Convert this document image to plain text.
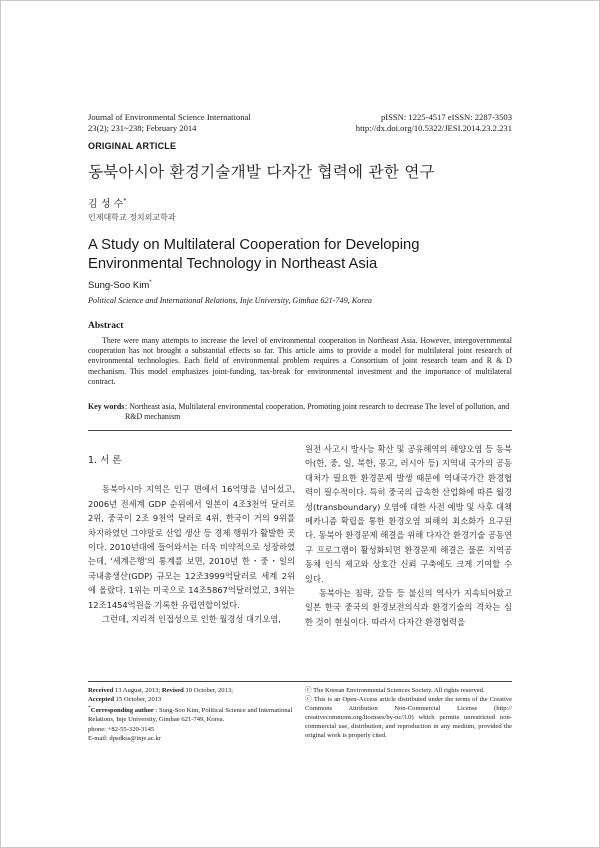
Journal of Environmental Science International
23(2); 231~238; February 2014
pISSN: 1225-4517 eISSN: 2287-3503
http://dx.doi.org/10.5322/JESI.2014.23.2.231
ORIGINAL ARTICLE
동북아시아 환경기술개발 다자간 협력에 관한 연구
김 성 수*
인제대학교 정치외교학과
A Study on Multilateral Cooperation for Developing Environmental Technology in Northeast Asia
Sung-Soo Kim*
Political Science and International Relations, Inje University, Gimhae 621-749, Korea
Abstract
There were many attempts to increase the level of environmental cooperation in Northeast Asia. However, intergovernmental cooperation has not brought a substantial effects so far. This article aims to provide a model for multilateral joint research of environmental technologies. Each field of environmental problem requires a Consortium of joint research team and R & D mechanism. This model emphasizes joint-funding, tax-break for environmental investment and the importance of multilateral contract.
Key words : Northeast asia, Multilateral environmental cooperation, Promoting joint research to decrease The level of pollution, and R&D mechanism
1. 서 론

동북아시아 지역은 인구 면에서 16억명을 넘어섰고, 2006년 전세계 GDP 순위에서 일본이 4조3천억 달러로 2위, 중국이 2조 9천억 달러로 4위, 한국이 거의 9위를 차지하였던 그야말로 산업 생산 등 경제 행위가 활발한 곳이다. 2010년대에 들어와서는 더욱 비약적으로 성장하였는데, '세계은행'의 통계를 보면, 2010년 한・중・일의 국내총생산(GDP) 규모는 12조3999억달러로 세계 2위에 올랐다. 1위는 미국으로 14조5867억달러였고, 3위는 12조1454억원을 기록한 유럽연합이었다.

그런데, 지리적 인접성으로 인한 월경성 대기오염,

원전 사고시 방사능 확산 및 공유해역의 해양오염 등 동북아(한, 중, 일, 북한, 몽고, 러시아 등) 지역내 국가의 공동대처가 필요한 환경문제 발생 때문에 역내국가간 환경협력이 필수적이다. 특히 중국의 급속한 산업화에 따른 월경성(transboundary) 오염에 대한 사전 예방 및 사후 대책 메카니즘 확립을 통한 환경오염 피해의 최소화가 요구된다. 동북아 환경문제 해결을 위해 다자간 환경기술 공동연구 프로그램이 활성화되면 환경문제 해결은 물론 지역공동체 인식 제고와 상호간 신뢰 구축에도 크게 기여할 수 있다.

동북아는 침략, 갈등 등 불신의 역사가 지속되어왔고 일본 한국 중국의 환경보전의식과 환경기술의 격차는 심한 것이 현실이다. 따라서 다자간 환경협력을

Received 13 August, 2013; Revised 10 October, 2013;
Accepted 15 October, 2013
*Corresponding author : Sung-Soo Kim, Political Science and International Relations, Inje University, Gimhae 621-749, Korea.
phone: +82-55-320-3145
E-mail: dpsdkss@inje.ac.kr
ⓒ The Korean Environmental Sciences Society. All rights reserved.
ⓒ This is an Open-Access article distributed under the terms of the Creative Commons Attribution Non-Commercial License (http:// creativecommons.org/licenses/by-nc/3.0) which permits unrestricted non-commercial use, distribution, and reproduction in any medium, provided the original work is properly cited.
